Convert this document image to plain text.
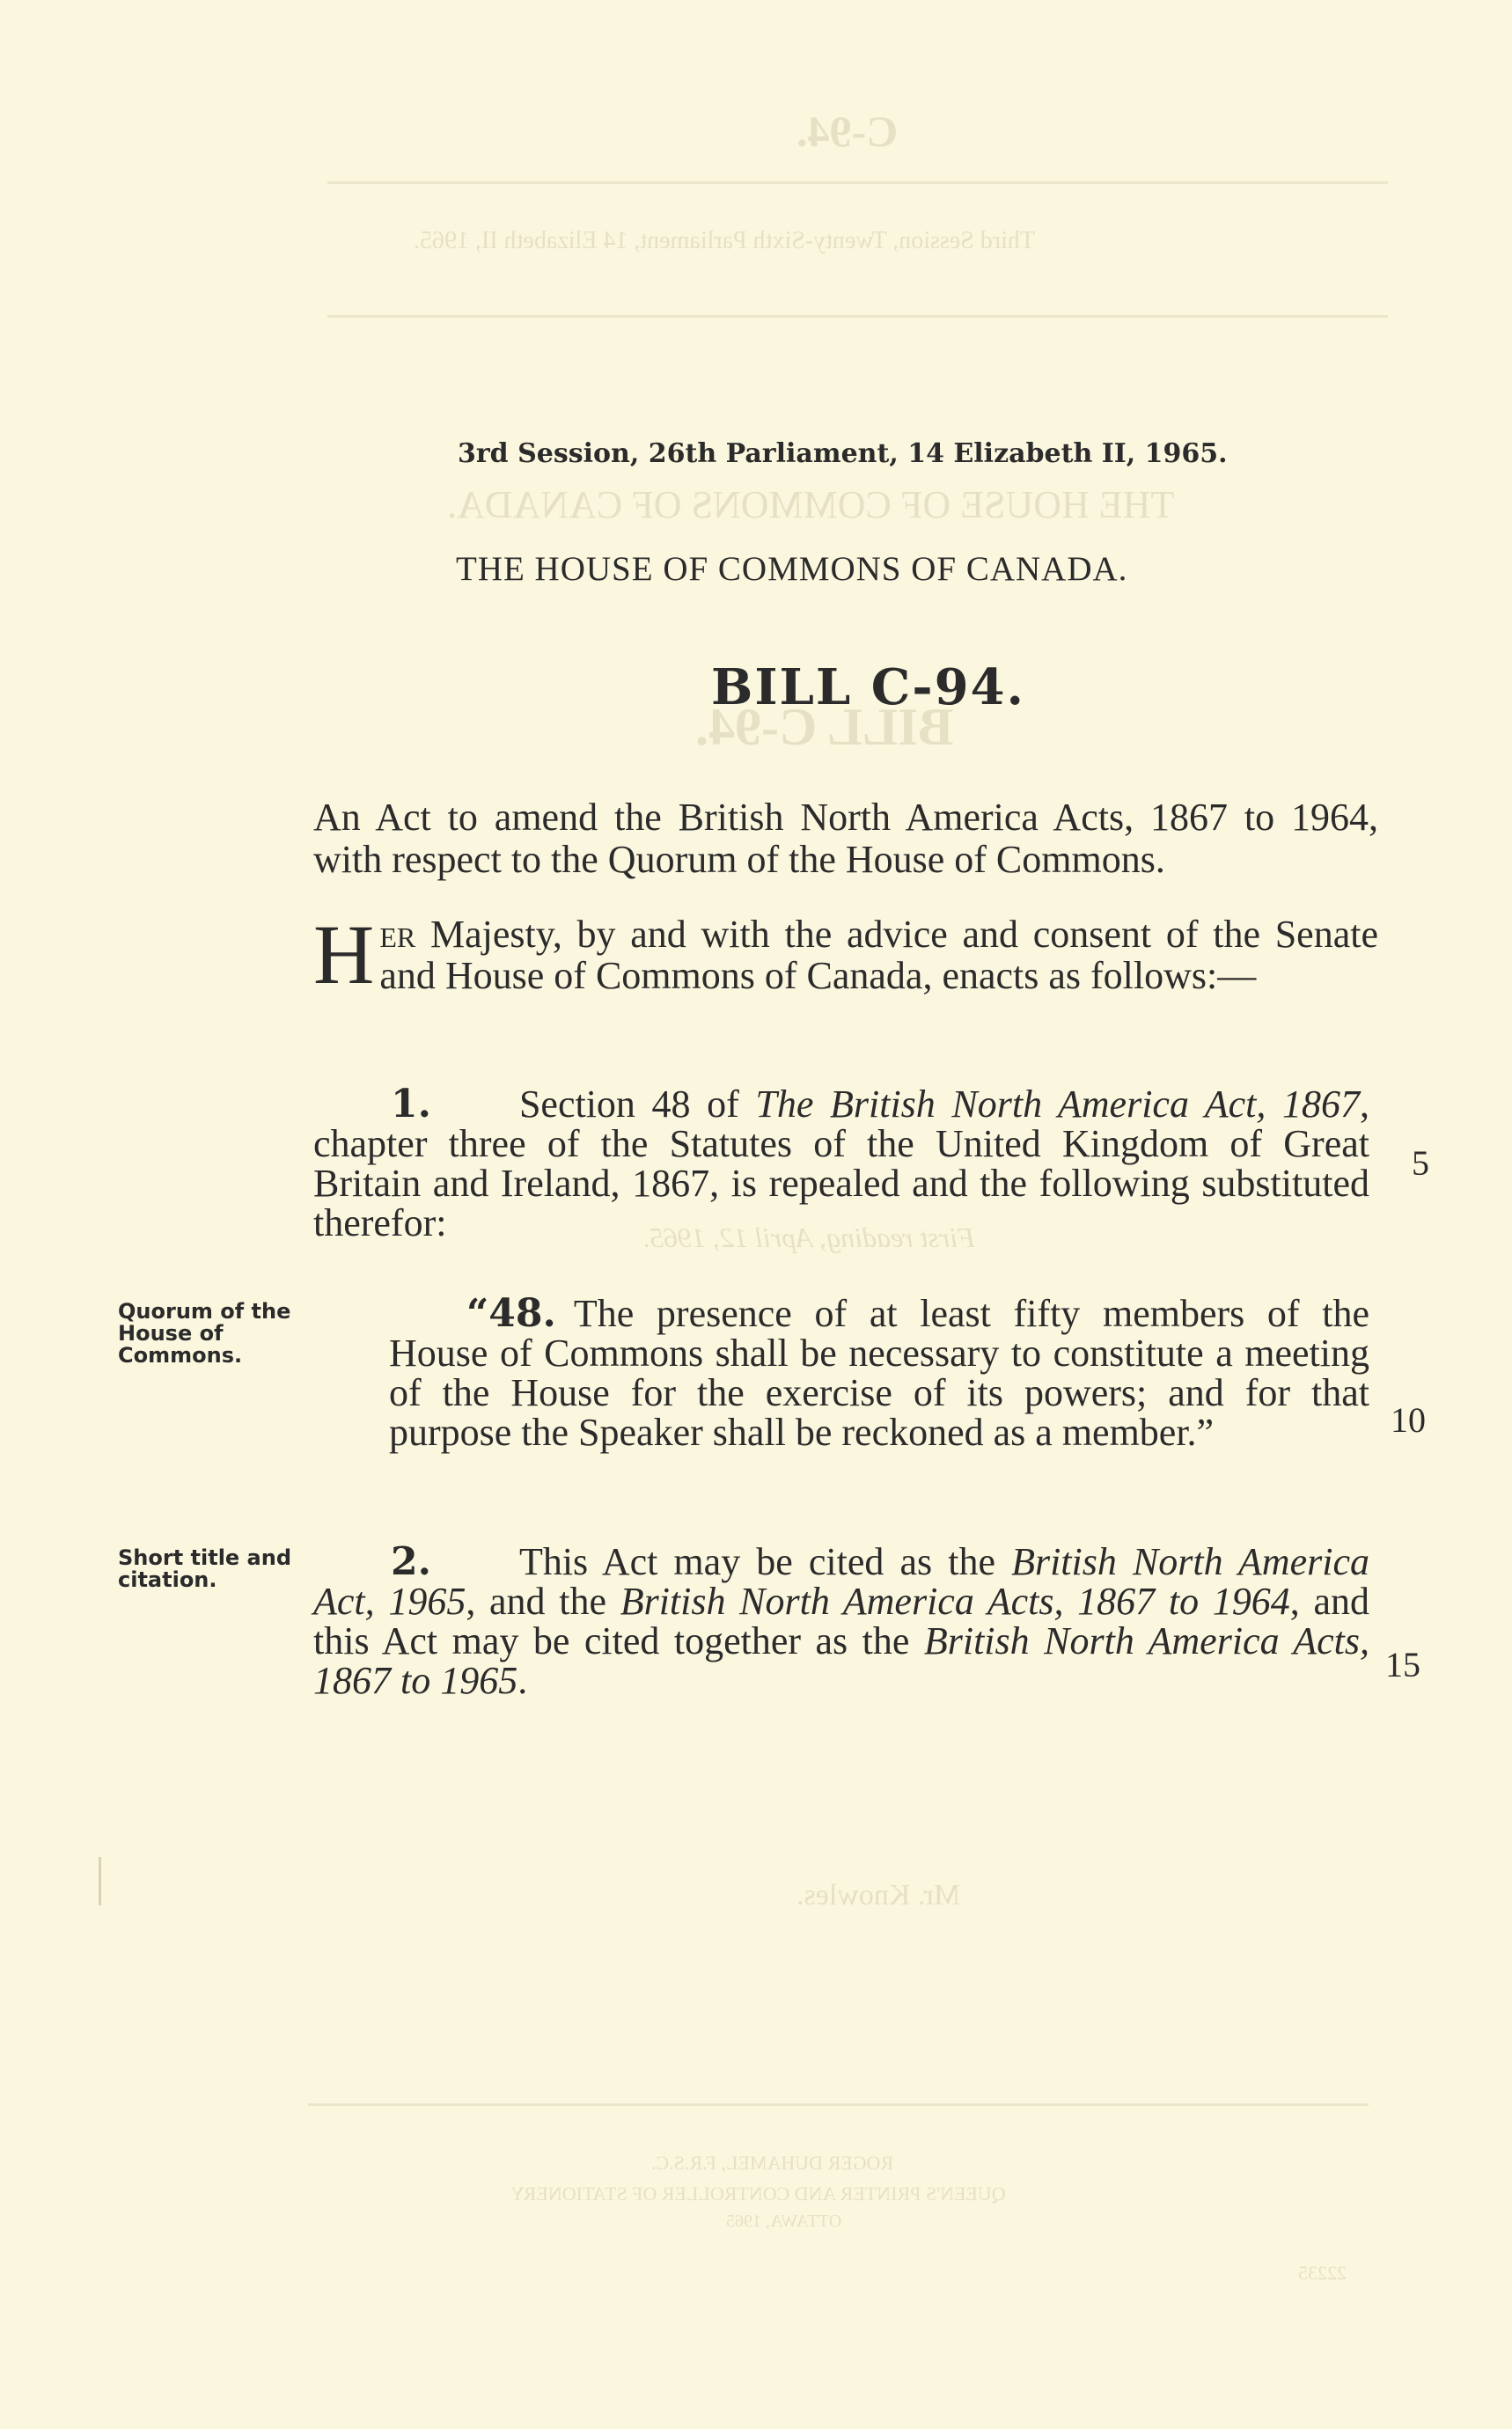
C-94.
Third Session, Twenty-Sixth Parliament, 14 Elizabeth II, 1965.
THE HOUSE OF COMMONS OF CANADA.
BILL C-94.
First reading, April 12, 1965.
Mr. Knowles.
ROGER DUHAMEL, F.R.S.C.
QUEEN'S PRINTER AND CONTROLLER OF STATIONERY
OTTAWA, 1965
22235
3rd Session, 26th Parliament, 14 Elizabeth II, 1965.
THE HOUSE OF COMMONS OF CANADA.
BILL C-94.
An Act to amend the British North America Acts, 1867 to 1964, with respect to the Quorum of the House of Commons.
HER Majesty, by and with the advice and consent of the Senate and House of Commons of Canada, enacts as follows:—
1. Section 48 of The British North America Act, 1867, chapter three of the Statutes of the United Kingdom of Great Britain and Ireland, 1867, is repealed and the following substituted therefor:
Quorum of the House of Commons.
“48. The presence of at least fifty members of the House of Commons shall be necessary to constitute a meeting of the House for the exercise of its powers; and for that purpose the Speaker shall be reckoned as a member.”
Short title and citation.	2. This Act may be cited as the British North America Act, 1965, and the British North America Acts, 1867 to 1964, and this Act may be cited together as the British North America Acts, 1867 to 1965.
5
10
15
